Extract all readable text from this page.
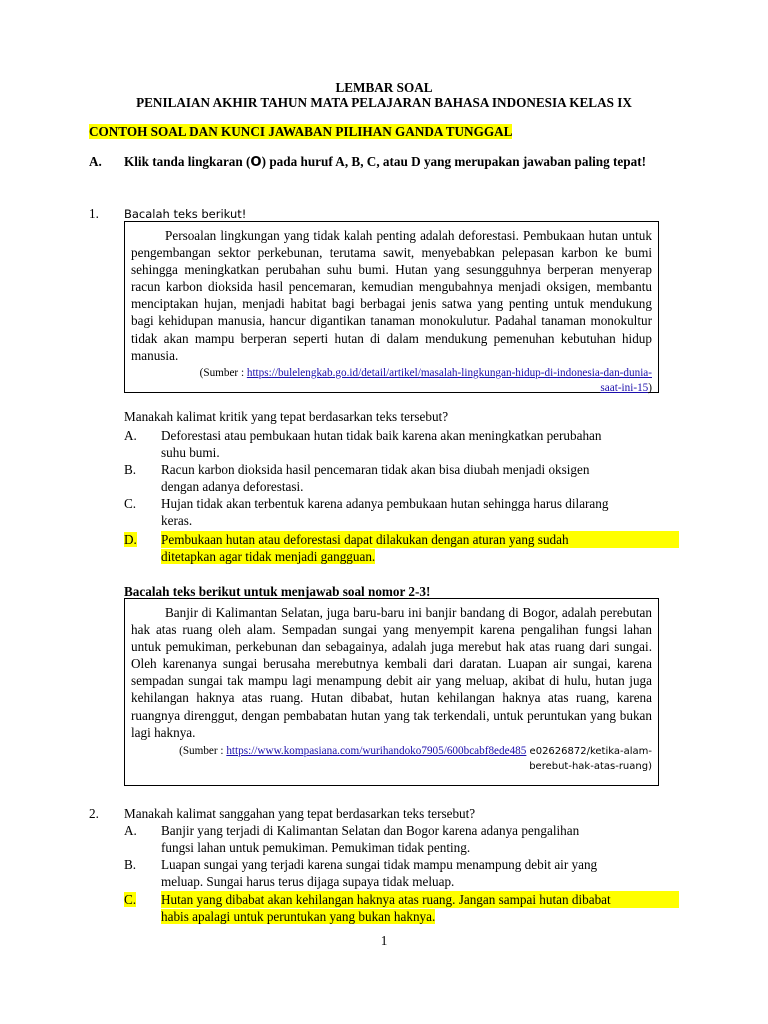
LEMBAR SOAL
PENILAIAN AKHIR TAHUN MATA PELAJARAN BAHASA INDONESIA KELAS IX
CONTOH SOAL DAN KUNCI JAWABAN PILIHAN GANDA TUNGGAL
A. Klik tanda lingkaran (O) pada huruf A, B, C, atau D yang merupakan jawaban paling tepat!
1. Bacalah teks berikut!

Persoalan lingkungan yang tidak kalah penting adalah deforestasi. Pembukaan hutan untuk pengembangan sektor perkebunan, terutama sawit, menyebabkan pelepasan karbon ke bumi sehingga meningkatkan perubahan suhu bumi. Hutan yang sesungguhnya berperan menyerap racun karbon dioksida hasil pencemaran, kemudian mengubahnya menjadi oksigen, membantu menciptakan hujan, menjadi habitat bagi berbagai jenis satwa yang penting untuk mendukung bagi kehidupan manusia, hancur digantikan tanaman monokulutur. Padahal tanaman monokultur tidak akan mampu berperan seperti hutan di dalam mendukung pemenuhan kebutuhan hidup manusia.

(Sumber : https://bulelengkab.go.id/detail/artikel/masalah-lingkungan-hidup-di-indonesia-dan-dunia-
saat-ini-15)
Manakah kalimat kritik yang tepat berdasarkan teks tersebut?
A. Deforestasi atau pembukaan hutan tidak baik karena akan meningkatkan perubahan
suhu bumi.
B. Racun karbon dioksida hasil pencemaran tidak akan bisa diubah menjadi oksigen
dengan adanya deforestasi.
C. Hujan tidak akan terbentuk karena adanya pembukaan hutan sehingga harus dilarang
keras.
D. Pembukaan hutan atau deforestasi dapat dilakukan dengan aturan yang sudah
ditetapkan agar tidak menjadi gangguan.
Bacalah teks berikut untuk menjawab soal nomor 2-3!

Banjir di Kalimantan Selatan, juga baru-baru ini banjir bandang di Bogor, adalah perebutan hak atas ruang oleh alam. Sempadan sungai yang menyempit karena pengalihan fungsi lahan untuk pemukiman, perkebunan dan sebagainya, adalah juga merebut hak atas ruang dari sungai. Oleh karenanya sungai berusaha merebutnya kembali dari daratan. Luapan air sungai, karena sempadan sungai tak mampu lagi menampung debit air yang meluap, akibat di hulu, hutan juga kehilangan haknya atas ruang. Hutan dibabat, hutan kehilangan haknya atas ruang, karena ruangnya direnggut, dengan pembabatan hutan yang tak terkendali, untuk peruntukan yang bukan lagi haknya.

(Sumber : https://www.kompasiana.com/wurihandoko7905/600bcabf8ede485 e02626872/ketika-alam-
berebut-hak-atas-ruang)
2. Manakah kalimat sanggahan yang tepat berdasarkan teks tersebut?
A. Banjir yang terjadi di Kalimantan Selatan dan Bogor karena adanya pengalihan
fungsi lahan untuk pemukiman. Pemukiman tidak penting.
B. Luapan sungai yang terjadi karena sungai tidak mampu menampung debit air yang
meluap. Sungai harus terus dijaga supaya tidak meluap.
C. Hutan yang dibabat akan kehilangan haknya atas ruang. Jangan sampai hutan dibabat
habis apalagi untuk peruntukan yang bukan haknya.
1
